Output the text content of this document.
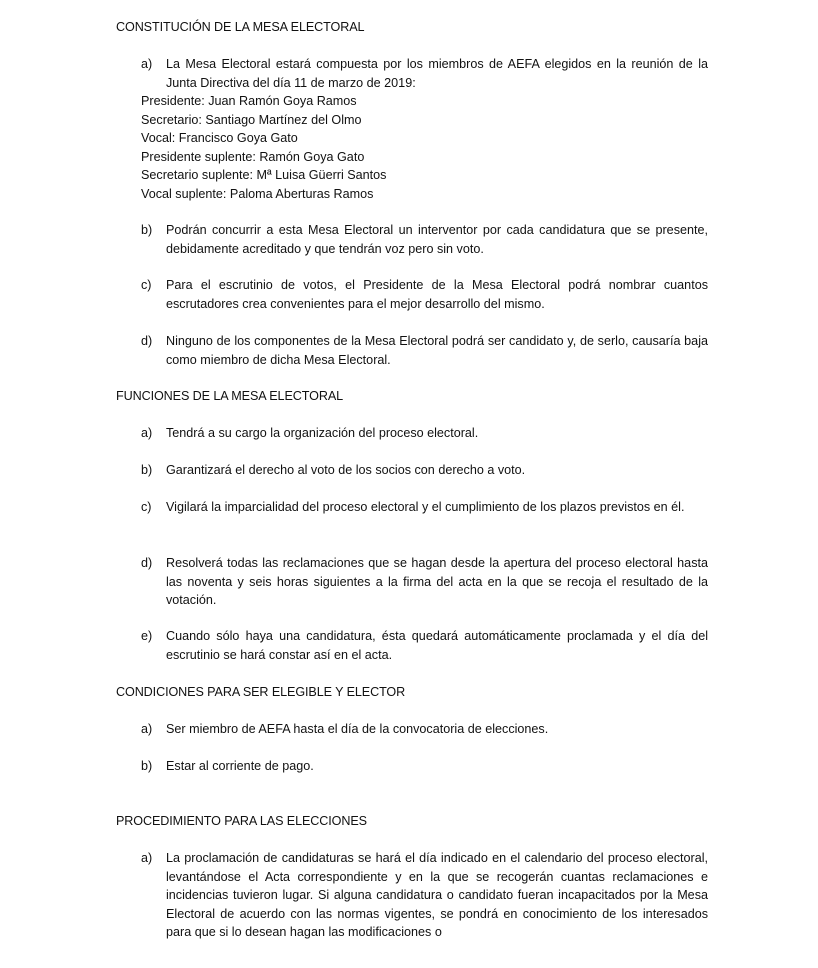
CONSTITUCIÓN DE LA MESA ELECTORAL
a)	La Mesa Electoral estará compuesta por los miembros de AEFA elegidos en la reunión de la Junta Directiva del día 11 de marzo de 2019:
Presidente: Juan Ramón Goya Ramos
Secretario: Santiago Martínez del Olmo
Vocal: Francisco Goya Gato
Presidente suplente: Ramón Goya Gato
Secretario suplente: Mª Luisa Güerri Santos
Vocal suplente: Paloma Aberturas Ramos
b)	Podrán concurrir a esta Mesa Electoral un interventor por cada candidatura que se presente, debidamente acreditado y que tendrán voz pero sin voto.
c)	Para el escrutinio de votos, el Presidente de la Mesa Electoral podrá nombrar cuantos escrutadores crea convenientes para el mejor desarrollo del mismo.
d)	Ninguno de los componentes de la Mesa Electoral podrá ser candidato y, de serlo, causaría baja como miembro de dicha Mesa Electoral.
FUNCIONES DE LA MESA ELECTORAL
a)	Tendrá a su cargo la organización del proceso electoral.
b)	Garantizará el derecho al voto de los socios con derecho a voto.
c)	Vigilará la imparcialidad del proceso electoral y el cumplimiento de los plazos previstos en él.
d)	Resolverá todas las reclamaciones que se hagan desde la apertura del proceso electoral hasta las noventa y seis horas siguientes a la firma del acta en la que se recoja el resultado de la votación.
e)	Cuando sólo haya una candidatura, ésta quedará automáticamente proclamada y el día del escrutinio se hará constar así en el acta.
CONDICIONES PARA SER ELEGIBLE Y ELECTOR
a)	Ser miembro de AEFA hasta el día de la convocatoria de elecciones.
b)	Estar al corriente de pago.
PROCEDIMIENTO PARA LAS ELECCIONES
a)	La proclamación de candidaturas se hará el día indicado en el calendario del proceso electoral, levantándose el Acta correspondiente y en la que se recogerán cuantas reclamaciones e incidencias tuvieron lugar. Si alguna candidatura o candidato fueran incapacitados por la Mesa Electoral de acuerdo con las normas vigentes, se pondrá en conocimiento de los interesados para que si lo desean hagan las modificaciones o
